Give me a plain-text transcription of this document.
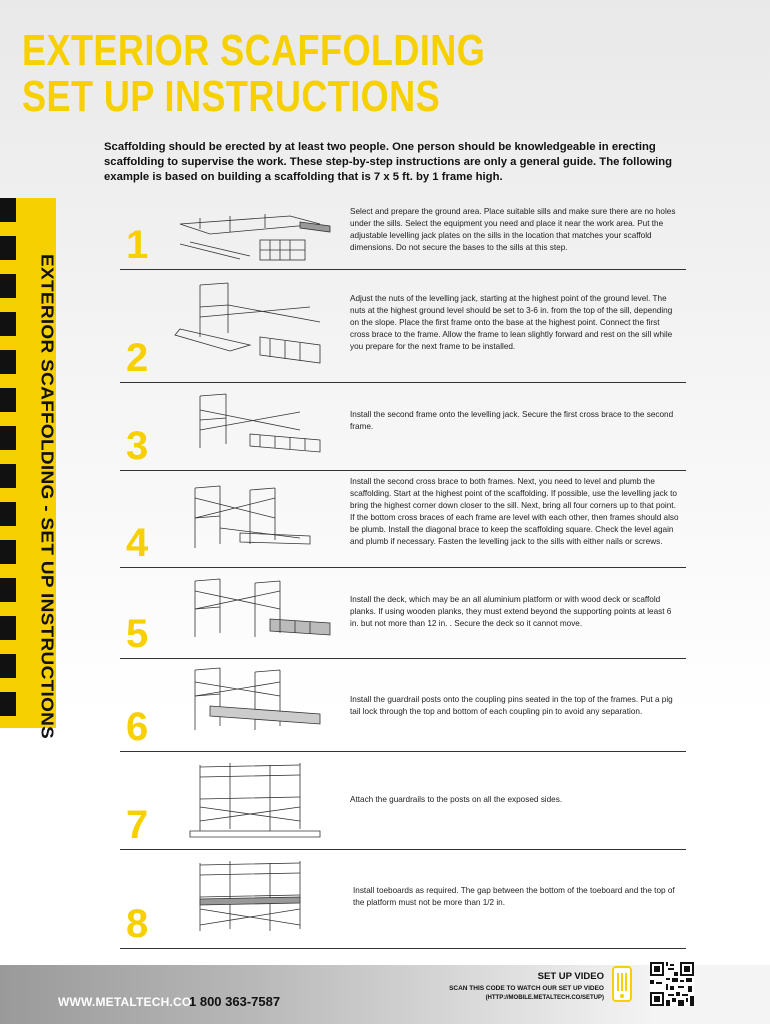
EXTERIOR SCAFFOLDING
SET UP INSTRUCTIONS

Scaffolding should be erected by at least two people. One person should be knowledgeable in erecting scaffolding to supervise the work. These step-by-step instructions are only a general guide. The following example is based on building a scaffolding that is 7 x 5 ft. by 1 frame high.

EXTERIOR SCAFFOLDING - SET UP INSTRUCTIONS
1

Select and prepare the ground area. Place suitable sills and make sure there are no holes under the sills. Select the equipment you need and place it near the work area. Put the adjustable levelling jack plates on the sills in the location that matches your scaffold dimensions. Do not secure the bases to the sills at this step.

2

Adjust the nuts of the levelling jack, starting at the highest point of the ground level. The nuts at the highest ground level should be set to 3-6 in. from the top of the sill, depending on the slope. Place the first frame onto the base at the highest point. Connect the first cross brace to the frame. Allow the frame to lean slightly forward and rest on the sill while you prepare for the next frame to be installed.

3

Install the second frame onto the levelling jack. Secure the first cross brace to the second frame.

4

Install the second cross brace to both frames. Next, you need to level and plumb the scaffolding. Start at the highest point of the scaffolding. If possible, use the levelling jack to bring the highest corner down closer to the sill. Next, bring all four corners up to that point. If the bottom cross braces of each frame are level with each other, then frames should also be plumb. Install the diagonal brace to keep the scaffolding square. Check the level again and plumb if necessary. Fasten the levelling jack to the sills with either nails or screws.

5

Install the deck, which may be an all aluminium platform or with wood deck or scaffold planks. If using wooden planks, they must extend beyond the supporting points at least 6 in. but not more than 12 in. . Secure the deck so it cannot move.

6

Install the guardrail posts onto the coupling pins seated in the top of the frames. Put a pig tail lock through the top and bottom of each coupling pin to avoid any separation.

7

Attach the guardrails to the posts on all the exposed sides.

8

Install toeboards as required. The gap between the bottom of the toeboard and the top of the platform must not be more than 1/2 in.

WWW.METALTECH.CO
1 800 363-7587
SET UP VIDEO
SCAN THIS CODE TO WATCH OUR SET UP VIDEO
(HTTP://MOBILE.METALTECH.CO/SETUP)
